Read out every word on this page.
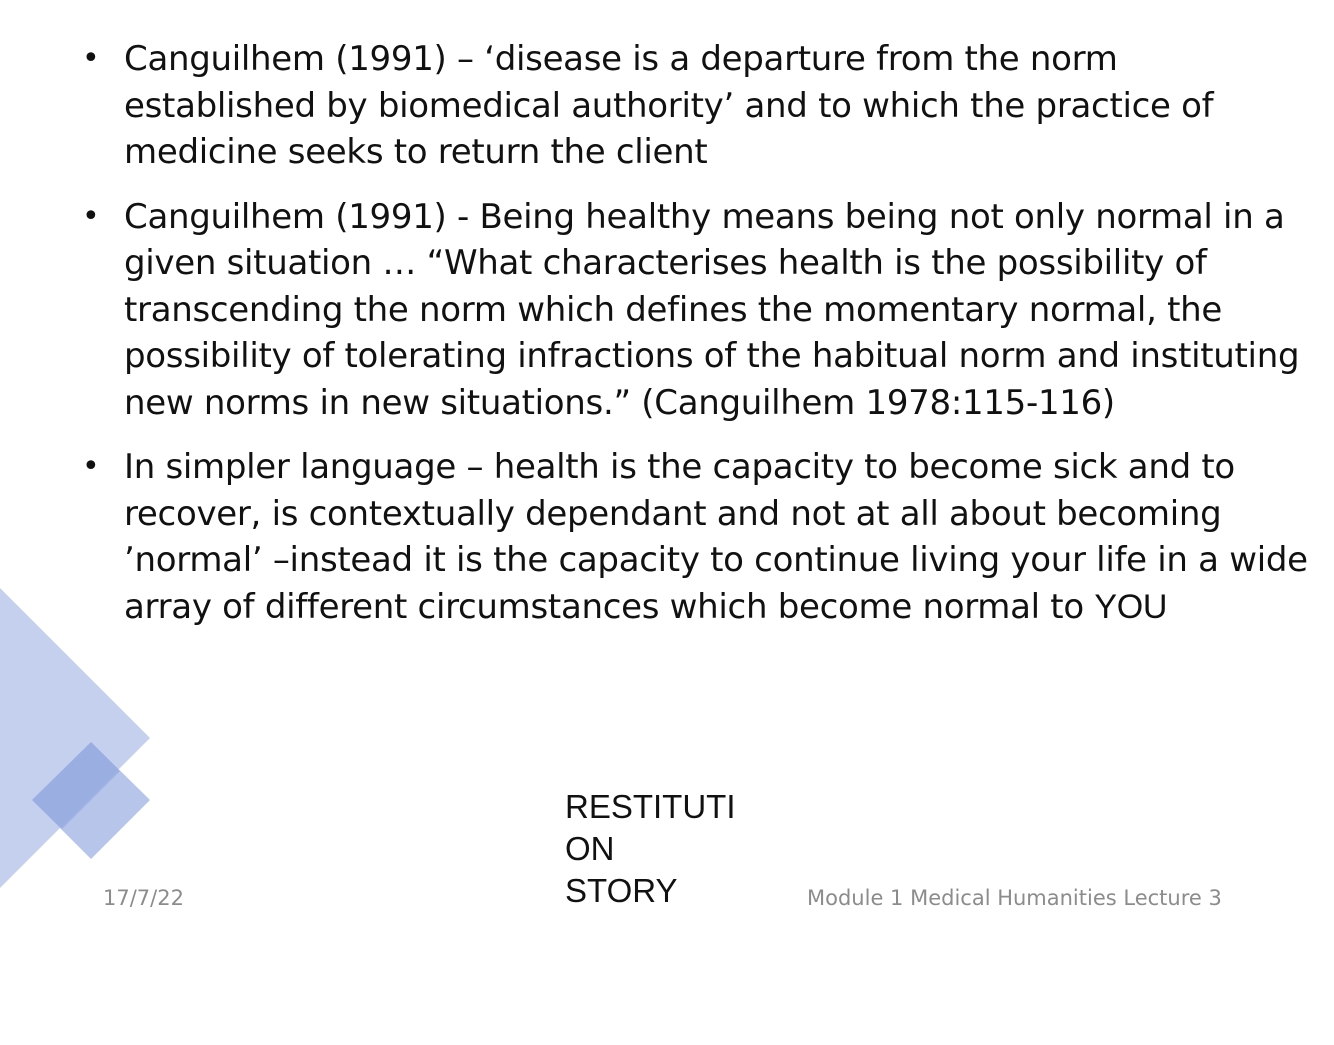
• Canguilhem (1991) – ‘disease is a departure from the norm established by biomedical authority’ and to which the practice of medicine seeks to return the client
• Canguilhem (1991) - Being healthy means being not only normal in a given situation … “What characterises health is the possibility of transcending the norm which defines the momentary normal, the possibility of tolerating infractions of the habitual norm and instituting new norms in new situations.” (Canguilhem 1978:115-116)
• In simpler language – health is the capacity to become sick and to recover, is contextually dependant and not at all about becoming ’normal’ –instead it is the capacity to continue living your life in a wide array of different circumstances which become normal to YOU
RESTITUTI
ON
STORY
17/7/22	Module 1 Medical Humanities Lecture 3
